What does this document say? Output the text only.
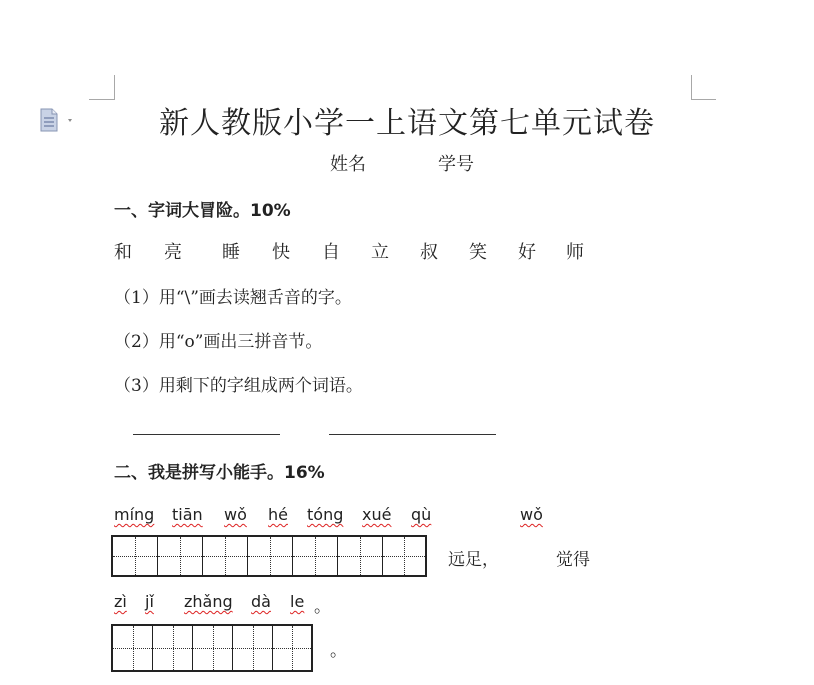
新人教版小学一上语文第七单元试卷
姓名	学号
一、字词大冒险。10%
和 亮 睡 快 自 立 叔 笑 好 师
（1）用“\”画去读翘舌音的字。
（2）用“o”画出三拼音节。
（3）用剩下的字组成两个词语。
二、我是拼写小能手。16%
míng tiān wǒ hé tóng xué qù	wǒ
远足，	觉得
zì jǐ zhǎng dà le 。
。
